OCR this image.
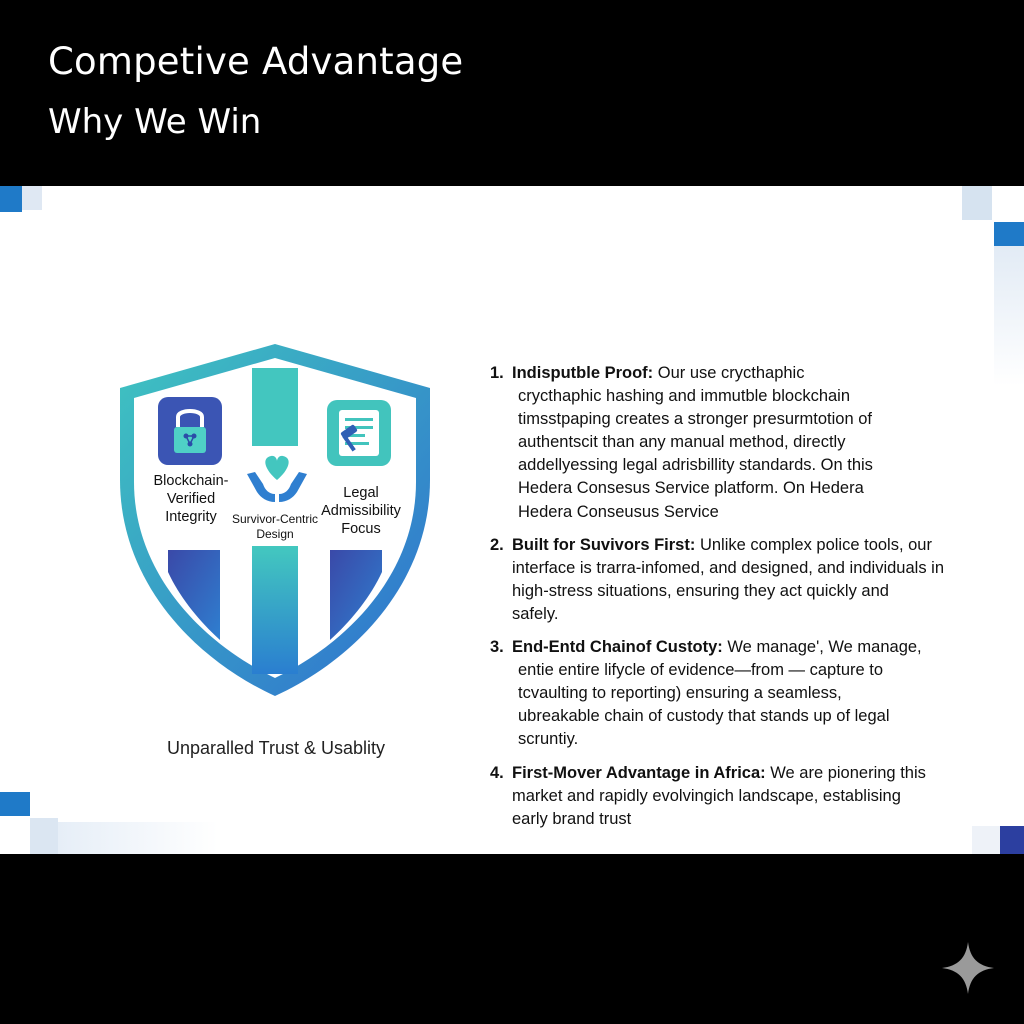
Competive Advantage
Why We Win
Blockchain-Verified Integrity	Survivor-Centric Design
Legal Admissibility Focus
Unparalled Trust & Usablity
1. Indisputble Proof: Our use crycthaphic
crycthaphic hashing and immutble blockchain
timsstpaping creates a stronger presurmtotion of
authentscit than any manual method, directly
addellyessing legal adrisbillity standards. On this
Hedera Consesus Service platform. On Hedera
Hedera Conseusus Service
2. Built for Suvivors First: Unlike complex police tools, our
interface is trarra-infomed, and designed, and individuals in
high-stress situations, ensuring they act quickly and
safely.
3. End-Entd Chainof Custoty: We manage', We manage,
entie entire lifycle of evidence—from — capture to
tcvaulting to reporting) ensuring a seamless,
ubreakable chain of custody that stands up of legal
scruntiy.
4. First-Mover Advantage in Africa: We are pionering this
market and rapidly evolvingich landscape, establising
early brand trust
